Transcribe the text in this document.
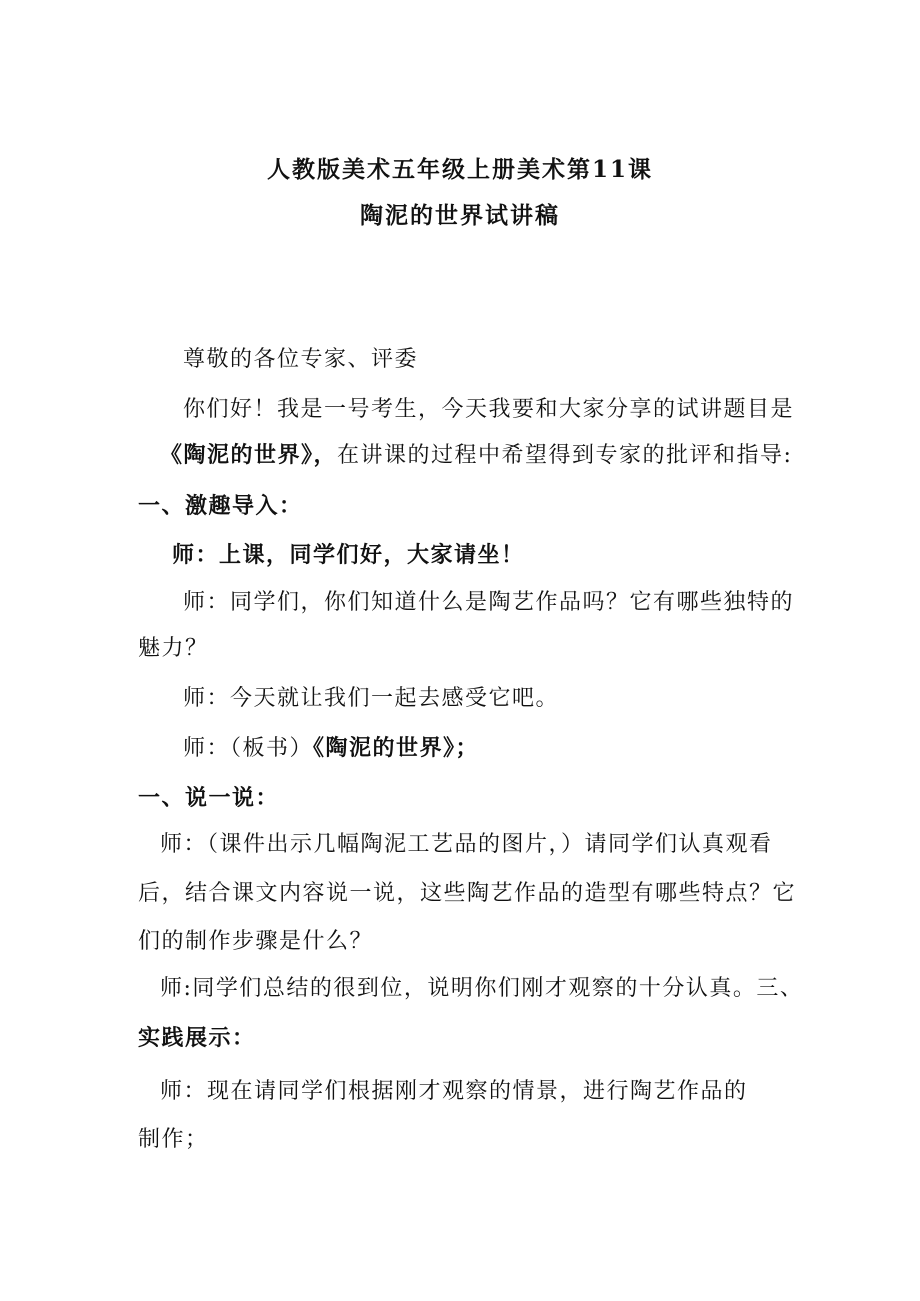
人教版美术五年级上册美术第11课
陶泥的世界试讲稿
尊敬的各位专家、评委
你们好！我是一号考生，今天我要和大家分享的试讲题目是
《陶泥的世界》，在讲课的过程中希望得到专家的批评和指导:
一、激趣导入：
师：上课，同学们好，大家请坐！
师：同学们，你们知道什么是陶艺作品吗？它有哪些独特的
魅力？
师：今天就让我们一起去感受它吧。
师：（板书）《陶泥的世界》；
一、说一说：
师：（课件出示几幅陶泥工艺品的图片，）请同学们认真观看
后，结合课文内容说一说，这些陶艺作品的造型有哪些特点？它
们的制作步骤是什么？
师:同学们总结的很到位，说明你们刚才观察的十分认真。三、
实践展示：
师：现在请同学们根据刚才观察的情景，进行陶艺作品的
制作；
